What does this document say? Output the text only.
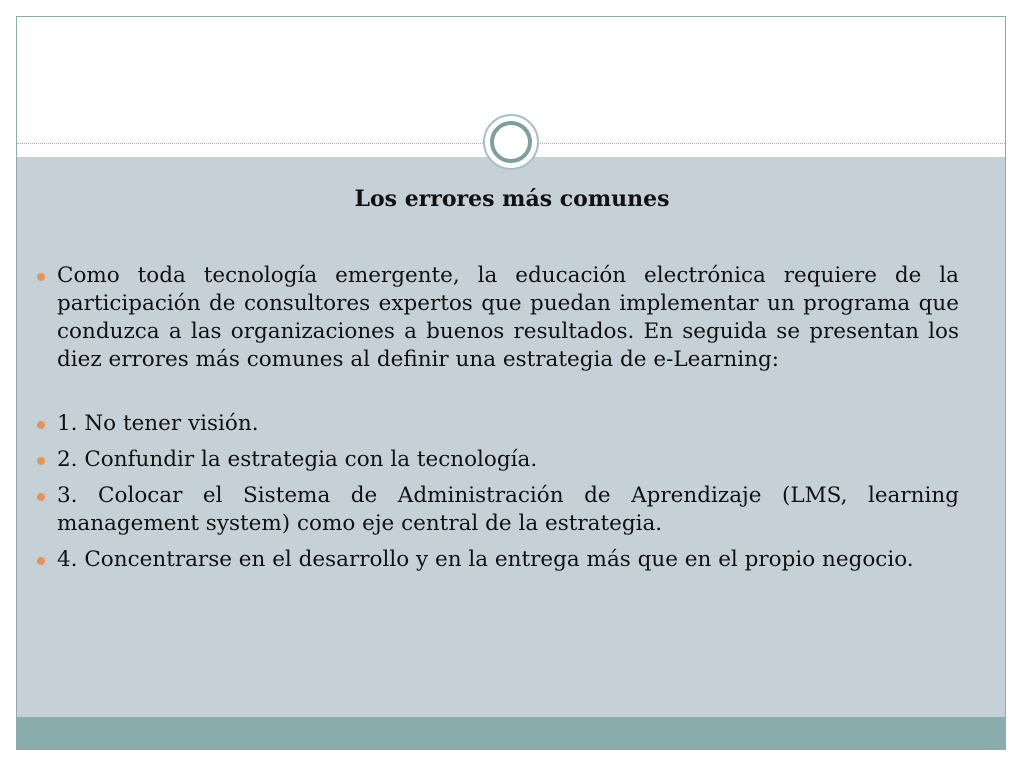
Los errores más comunes
Como toda tecnología emergente, la educación electrónica requiere de la participación de consultores expertos que puedan implementar un programa que conduzca a las organizaciones a buenos resultados. En seguida se presentan los diez errores más comunes al definir una estrategia de e-Learning:
1. No tener visión.
2. Confundir la estrategia con la tecnología.
3. Colocar el Sistema de Administración de Aprendizaje (LMS, learning management system) como eje central de la estrategia.
4. Concentrarse en el desarrollo y en la entrega más que en el propio negocio.
